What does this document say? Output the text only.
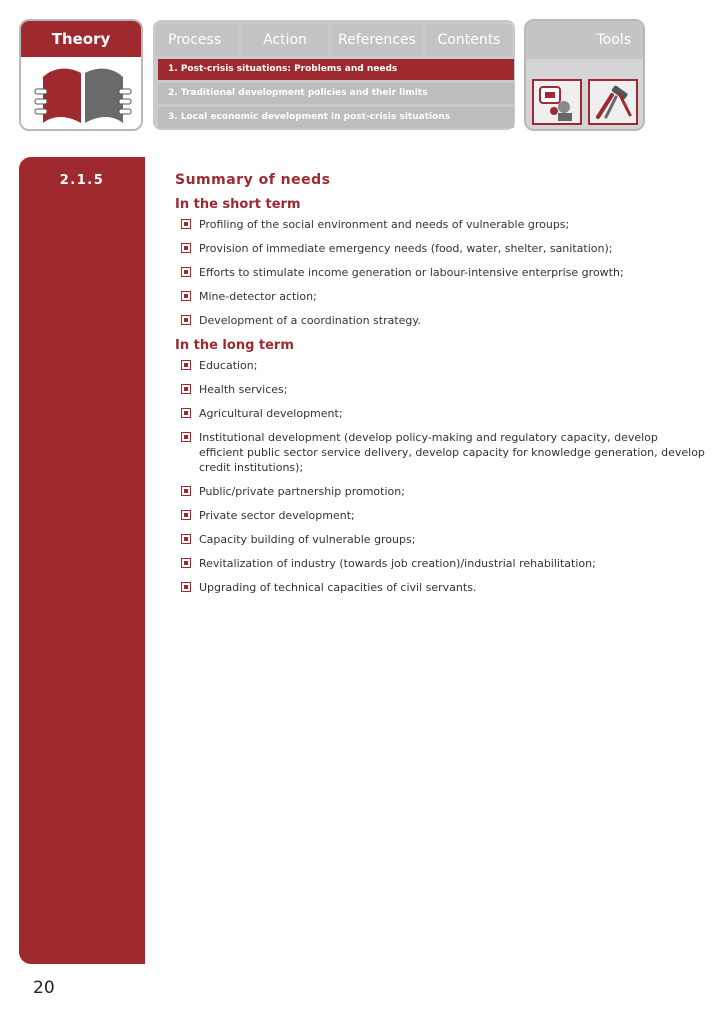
Theory	Process	Action	References	Contents
1. Post-crisis situations: Problems and needs
2. Traditional development policies and their limits
3. Local economic development in post-crisis situations
Tools
2.1.5	Summary of needs
In the short term
Profiling of the social environment and needs of vulnerable groups;
Provision of immediate emergency needs (food, water, shelter, sanitation);
Efforts to stimulate income generation or labour-intensive enterprise growth;
Mine-detector action;
Development of a coordination strategy.
In the long term
Education;
Health services;
Agricultural development;
Institutional development (develop policy-making and regulatory capacity, develop efficient public sector service delivery, develop capacity for knowledge generation, develop credit institutions);
Public/private partnership promotion;
Private sector development;
Capacity building of vulnerable groups;
Revitalization of industry (towards job creation)/industrial rehabilitation;
Upgrading of technical capacities of civil servants.
20
